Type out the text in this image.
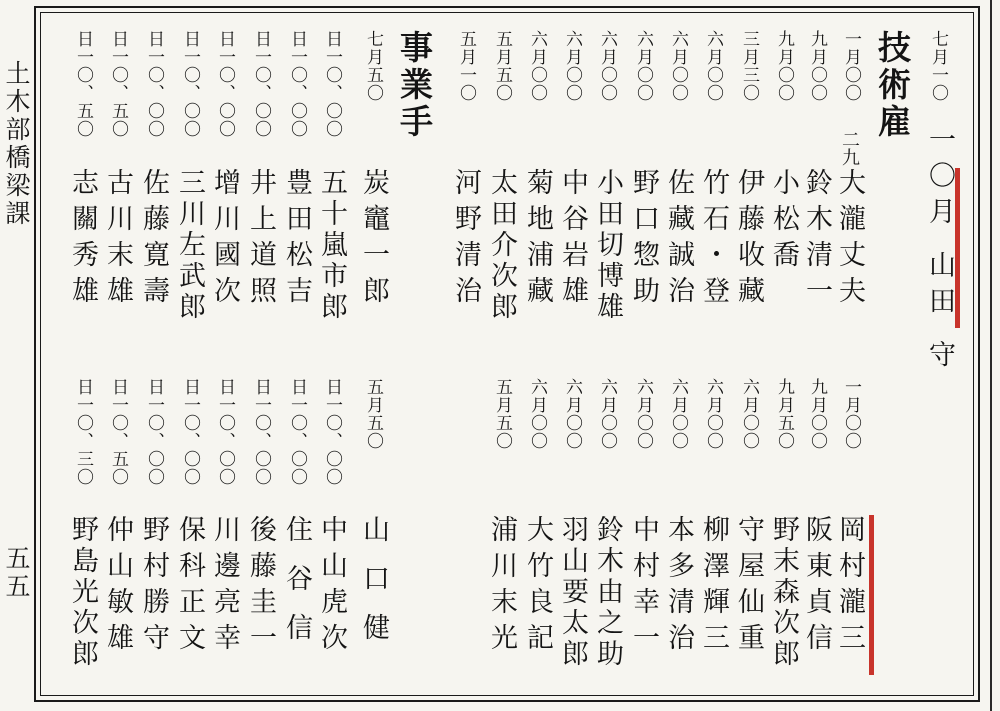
土木部橋梁課
五五
七月一〇
一〇月 山田 守
技術雇
一月〇〇
二九
大瀧丈夫
九月〇〇
鈴木清一
九月〇〇
小松喬
三月三〇
伊藤收藏
六月〇〇
竹石・登
六月〇〇
佐藏誠治
六月〇〇
野口惣助
六月〇〇
小田切博雄
六月〇〇
中谷岩雄
六月〇〇
菊地浦藏
五月五〇
太田介次郎
五月一〇
河野清治
事業手
七月五〇
炭竈一郎
日一〇、〇〇
五十嵐市郎
日一〇、〇〇
豊田松吉
日一〇、〇〇
井上道照
日一〇、〇〇
增川國次
日一〇、〇〇
三川左武郎
日一〇、〇〇
佐藤寛壽
日一〇、五〇
古川末雄
日一〇、五〇
志關秀雄
一月〇〇
岡村瀧三
九月〇〇
阪東貞信
九月五〇
野末森次郎
六月〇〇
守屋仙重
六月〇〇
柳澤輝三
六月〇〇
本多清治
六月〇〇
中村幸一
六月〇〇
鈴木由之助
六月〇〇
羽山要太郎
六月〇〇
大竹良記
五月五〇
浦川末光
五月五〇
山口健
日一〇、〇〇
中山虎次
日一〇、〇〇
住谷信
日一〇、〇〇
後藤圭一
日一〇、〇〇
川邊亮幸
日一〇、〇〇
保科正文
日一〇、〇〇
野村勝守
日一〇、五〇
仲山敏雄
日一〇、三〇
野島光次郎
